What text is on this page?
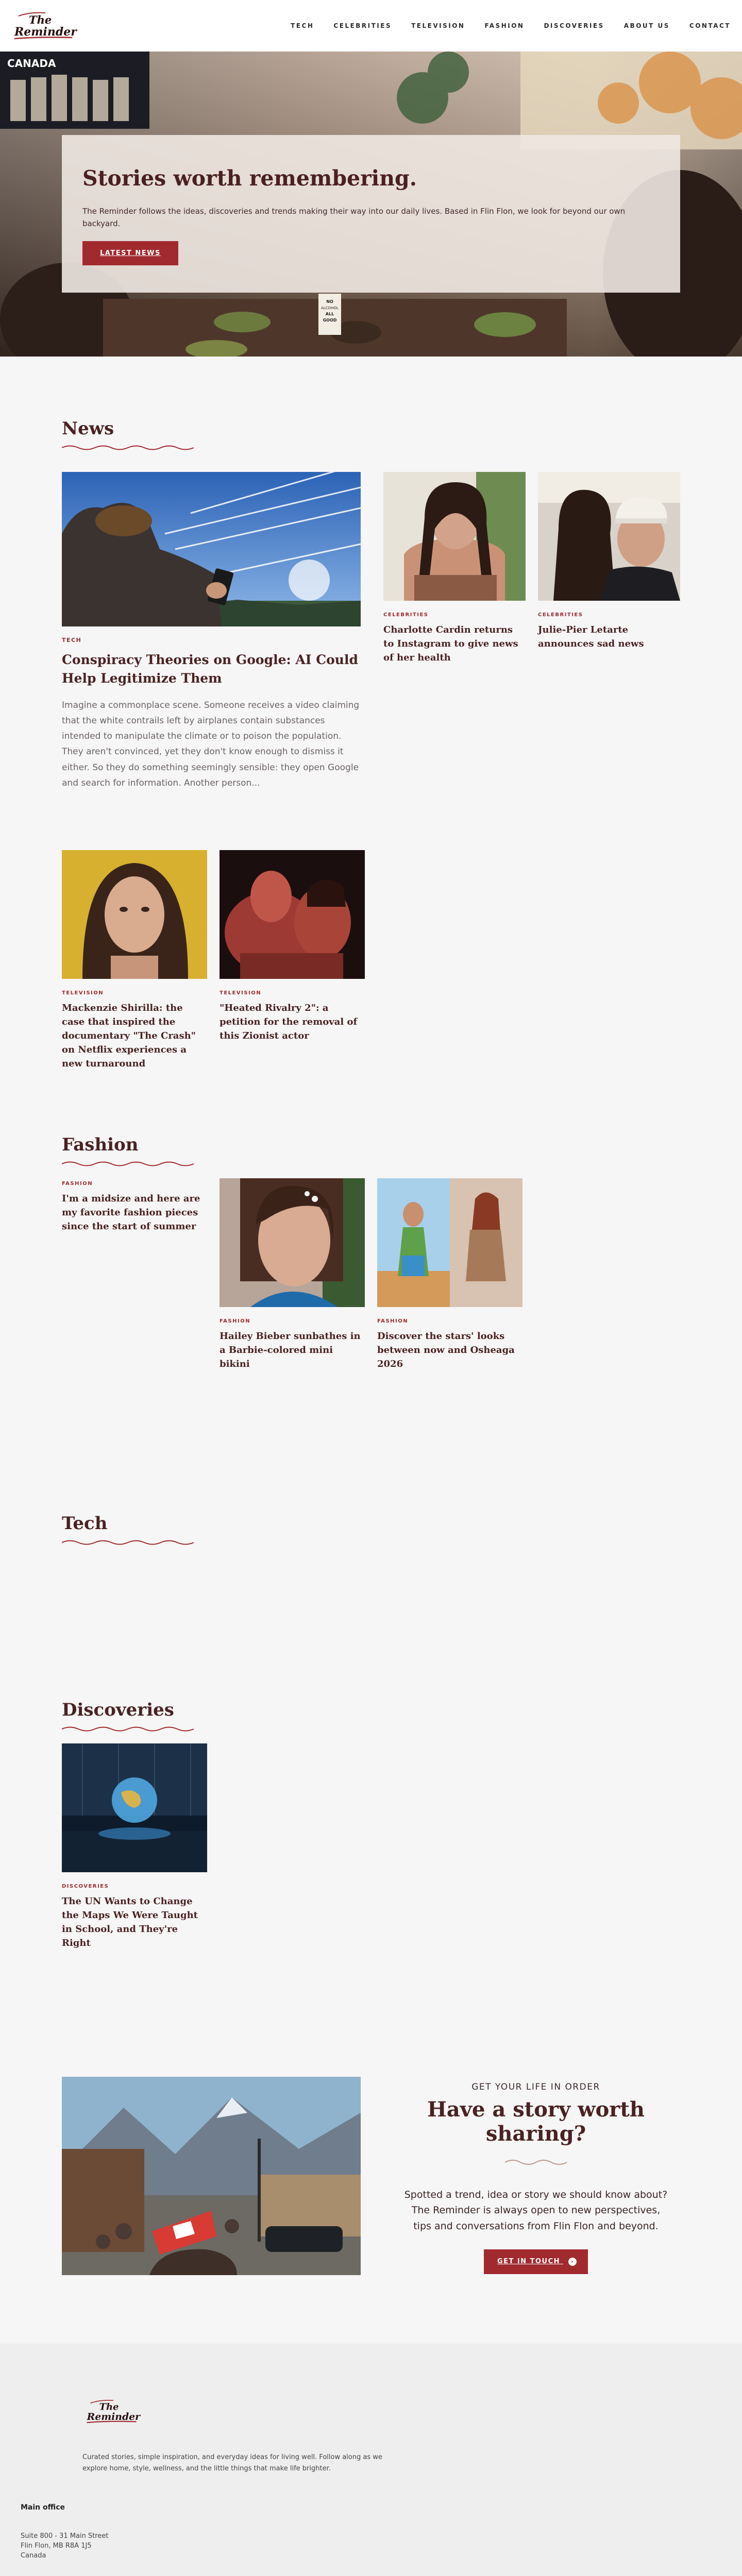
The
Reminder	TECH	CELEBRITIES	TELEVISION	FASHION	DISCOVERIES	ABOUT US	CONTACT
CANADA
NO
ALCOHOL
ALL
GOOD
Stories worth remembering.

The Reminder follows the ideas, discoveries and trends making their way into our daily lives. Based in Flin Flon, we look for beyond our own backyard.

LATEST NEWS
News
TECH
Conspiracy Theories on Google: AI Could Help Legitimize Them

Imagine a commonplace scene. Someone receives a video claiming that the white contrails left by airplanes contain substances intended to manipulate the climate or to poison the population. They aren't convinced, yet they don't know enough to dismiss it either. So they do something seemingly sensible: they open Google and search for information. Another person...

CELEBRITIES
Charlotte Cardin returns to Instagram to give news of her health
CELEBRITIES
Julie-Pier Letarte announces sad news
TELEVISION
Mackenzie Shirilla: the case that inspired the documentary "The Crash" on Netflix experiences a new turnaround
TELEVISION
"Heated Rivalry 2": a petition for the removal of this Zionist actor
Fashion
FASHION
I'm a midsize and here are my favorite fashion pieces since the start of summer
FASHION
Hailey Bieber sunbathes in a Barbie-colored mini bikini
FASHION
Discover the stars' looks between now and Osheaga 2026
Tech
Discoveries
DISCOVERIES
The UN Wants to Change the Maps We Were Taught in School, and They're Right
GET YOUR LIFE IN ORDER
Have a story worth sharing?

Spotted a trend, idea or story we should know about? The Reminder is always open to new perspectives, tips and conversations from Flin Flon and beyond.

GET IN TOUCH ›
The
Reminder

Curated stories, simple inspiration, and everyday ideas for living well. Follow along as we explore home, style, wellness, and the little things that make life brighter.

Main office
Suite 800 - 31 Main Street
Flin Flon, MB R8A 1J5
Canada
